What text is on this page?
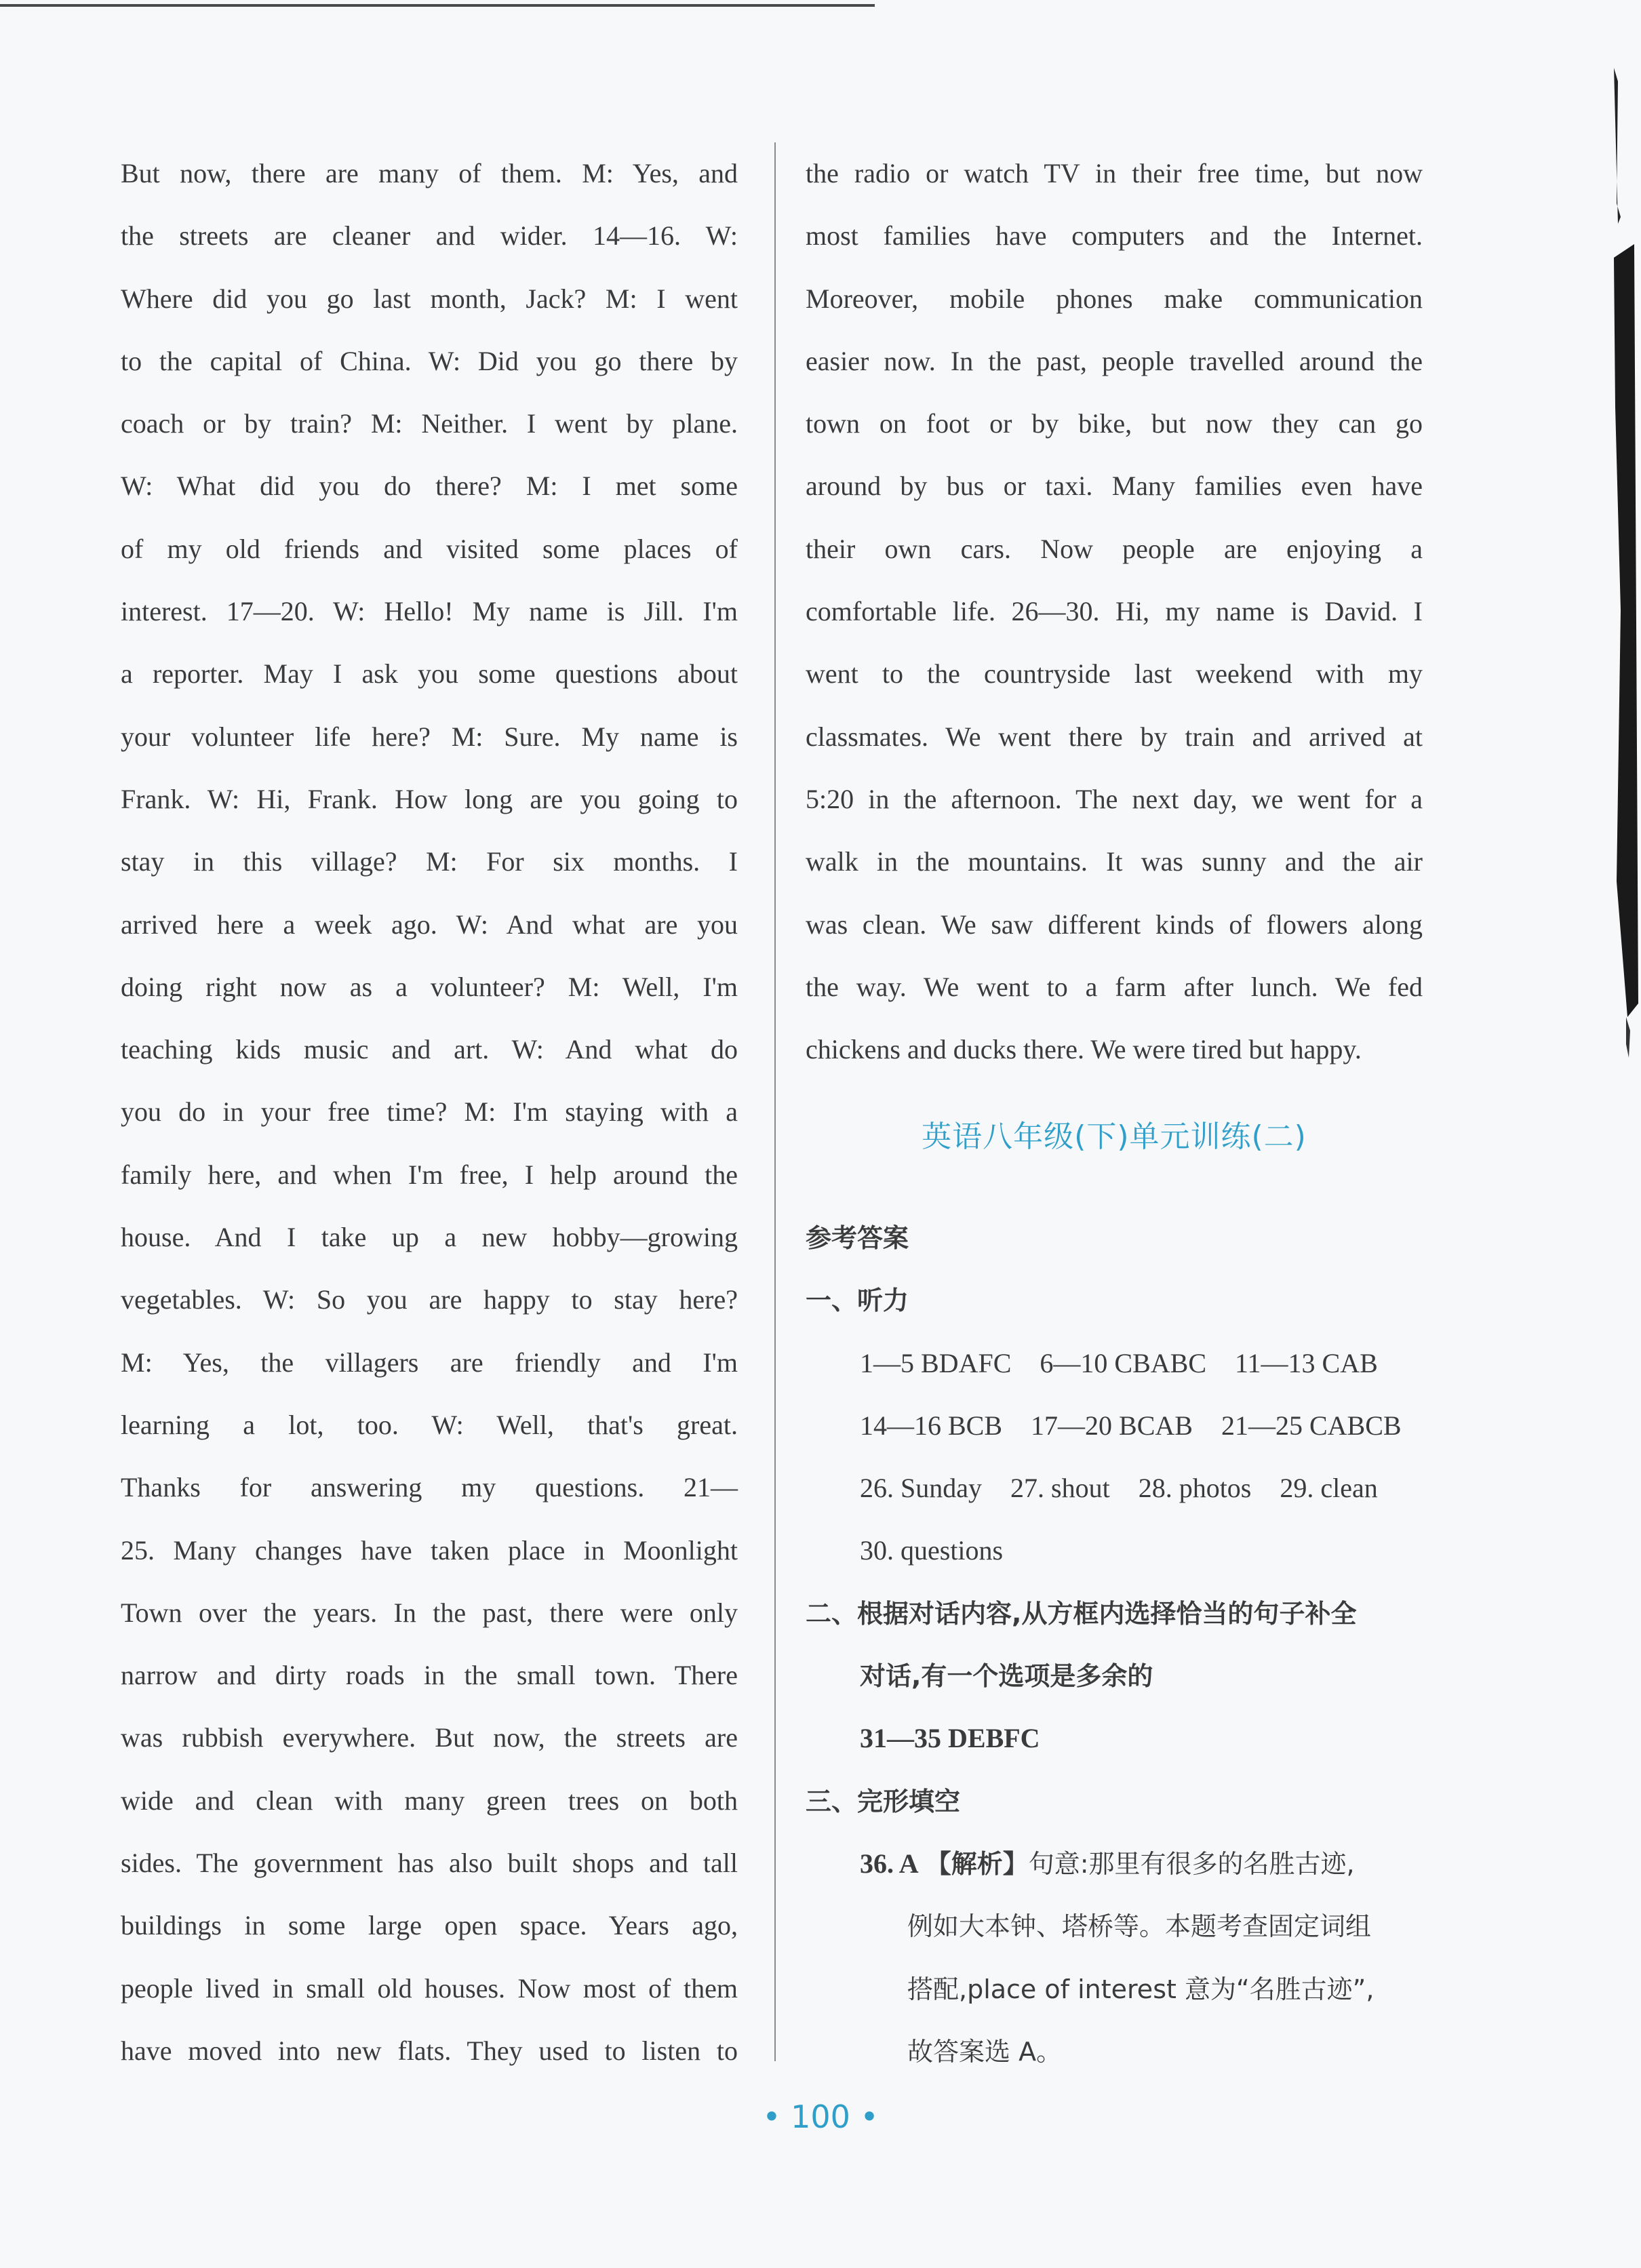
But now, there are many of them. M: Yes, and

the streets are cleaner and wider. 14—16. W:

Where did you go last month, Jack? M: I went

to the capital of China. W: Did you go there by

coach or by train? M: Neither. I went by plane.

W: What did you do there? M: I met some

of my old friends and visited some places of

interest. 17—20. W: Hello! My name is Jill. I'm

a reporter. May I ask you some questions about

your volunteer life here? M: Sure. My name is

Frank. W: Hi, Frank. How long are you going to

stay in this village? M: For six months. I

arrived here a week ago. W: And what are you

doing right now as a volunteer? M: Well, I'm

teaching kids music and art. W: And what do

you do in your free time? M: I'm staying with a

family here, and when I'm free, I help around the

house. And I take up a new hobby—growing

vegetables. W: So you are happy to stay here?

M: Yes, the villagers are friendly and I'm

learning a lot, too. W: Well, that's great.

Thanks for answering my questions. 21—

25. Many changes have taken place in Moonlight

Town over the years. In the past, there were only

narrow and dirty roads in the small town. There

was rubbish everywhere. But now, the streets are

wide and clean with many green trees on both

sides. The government has also built shops and tall

buildings in some large open space. Years ago,

people lived in small old houses. Now most of them

have moved into new flats. They used to listen to

the radio or watch TV in their free time, but now

most families have computers and the Internet.

Moreover, mobile phones make communication

easier now. In the past, people travelled around the

town on foot or by bike, but now they can go

around by bus or taxi. Many families even have

their own cars. Now people are enjoying a

comfortable life. 26—30. Hi, my name is David. I

went to the countryside last weekend with my

classmates. We went there by train and arrived at

5:20 in the afternoon. The next day, we went for a

walk in the mountains. It was sunny and the air

was clean. We saw different kinds of flowers along

the way. We went to a farm after lunch. We fed

chickens and ducks there. We were tired but happy.

英语八年级(下)单元训练(二)

参考答案

一、听力

1—5 BDAFC 6—10 CBABC 11—13 CAB

14—16 BCB 17—20 BCAB 21—25 CABCB

26. Sunday 27. shout 28. photos 29. clean

30. questions

二、根据对话内容,从方框内选择恰当的句子补全

对话,有一个选项是多余的

31—35 DEBFC

三、完形填空

36. A 【解析】句意:那里有很多的名胜古迹,

例如大本钟、塔桥等。本题考查固定词组

搭配,place of interest 意为“名胜古迹”,

故答案选 A。

• 100 •
